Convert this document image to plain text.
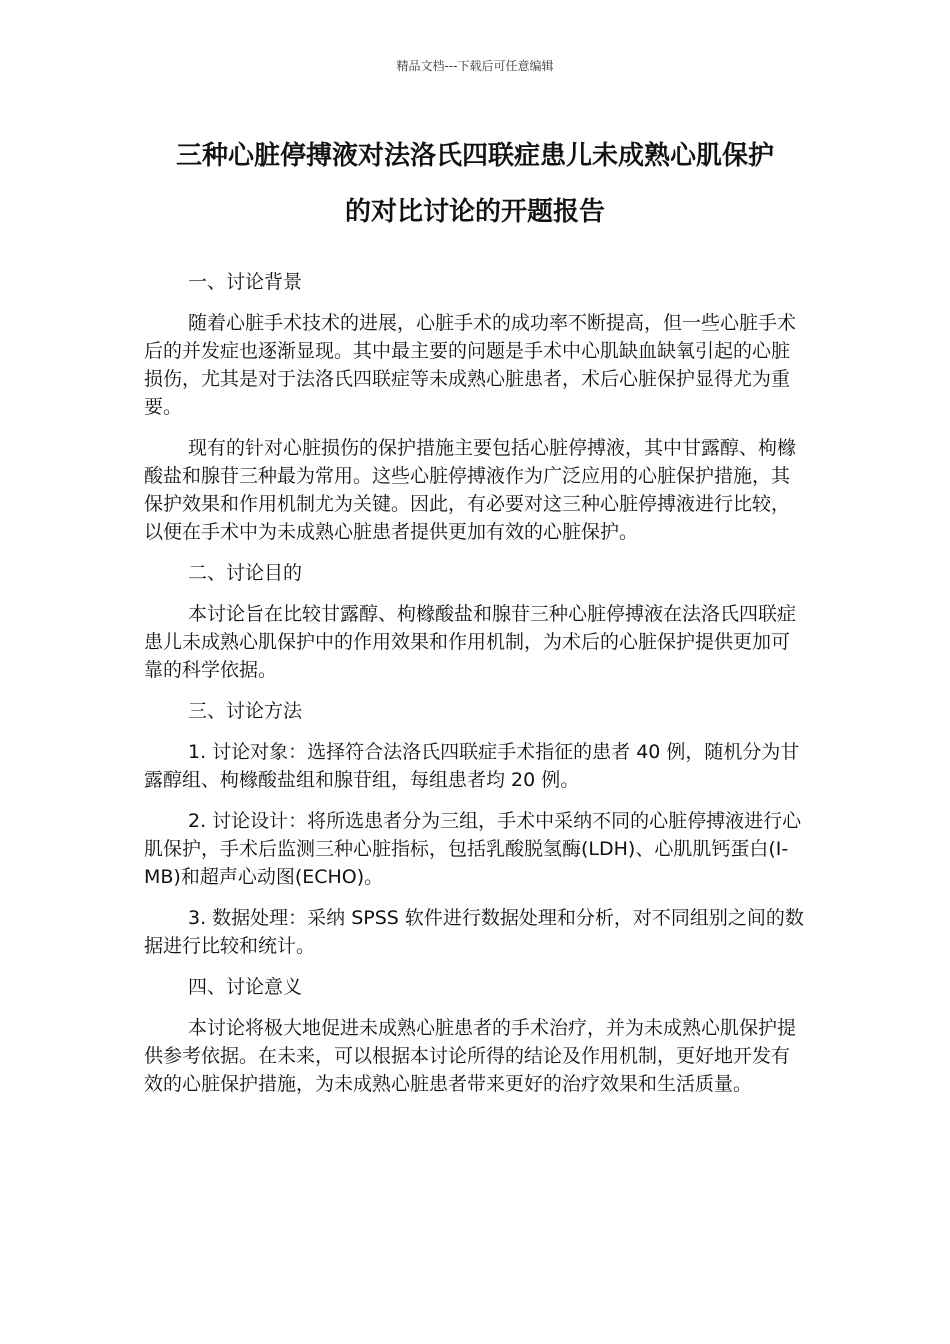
精品文档---下载后可任意编辑
三种心脏停搏液对法洛氏四联症患儿未成熟心肌保护
的对比讨论的开题报告

一、讨论背景

随着心脏手术技术的进展，心脏手术的成功率不断提高，但一些心脏手术后的并发症也逐渐显现。其中最主要的问题是手术中心肌缺血缺氧引起的心脏损伤，尤其是对于法洛氏四联症等未成熟心脏患者，术后心脏保护显得尤为重要。

现有的针对心脏损伤的保护措施主要包括心脏停搏液，其中甘露醇、枸橼酸盐和腺苷三种最为常用。这些心脏停搏液作为广泛应用的心脏保护措施，其保护效果和作用机制尤为关键。因此，有必要对这三种心脏停搏液进行比较，以便在手术中为未成熟心脏患者提供更加有效的心脏保护。

二、讨论目的

本讨论旨在比较甘露醇、枸橼酸盐和腺苷三种心脏停搏液在法洛氏四联症患儿未成熟心肌保护中的作用效果和作用机制，为术后的心脏保护提供更加可靠的科学依据。

三、讨论方法

1. 讨论对象：选择符合法洛氏四联症手术指征的患者 40 例，随机分为甘露醇组、枸橼酸盐组和腺苷组，每组患者均 20 例。

2. 讨论设计：将所选患者分为三组，手术中采纳不同的心脏停搏液进行心肌保护，手术后监测三种心脏指标，包括乳酸脱氢酶(LDH)、心肌肌钙蛋白(I-MB)和超声心动图(ECHO)。

3. 数据处理：采纳 SPSS 软件进行数据处理和分析，对不同组别之间的数据进行比较和统计。

四、讨论意义

本讨论将极大地促进未成熟心脏患者的手术治疗，并为未成熟心肌保护提供参考依据。在未来，可以根据本讨论所得的结论及作用机制，更好地开发有效的心脏保护措施，为未成熟心脏患者带来更好的治疗效果和生活质量。
